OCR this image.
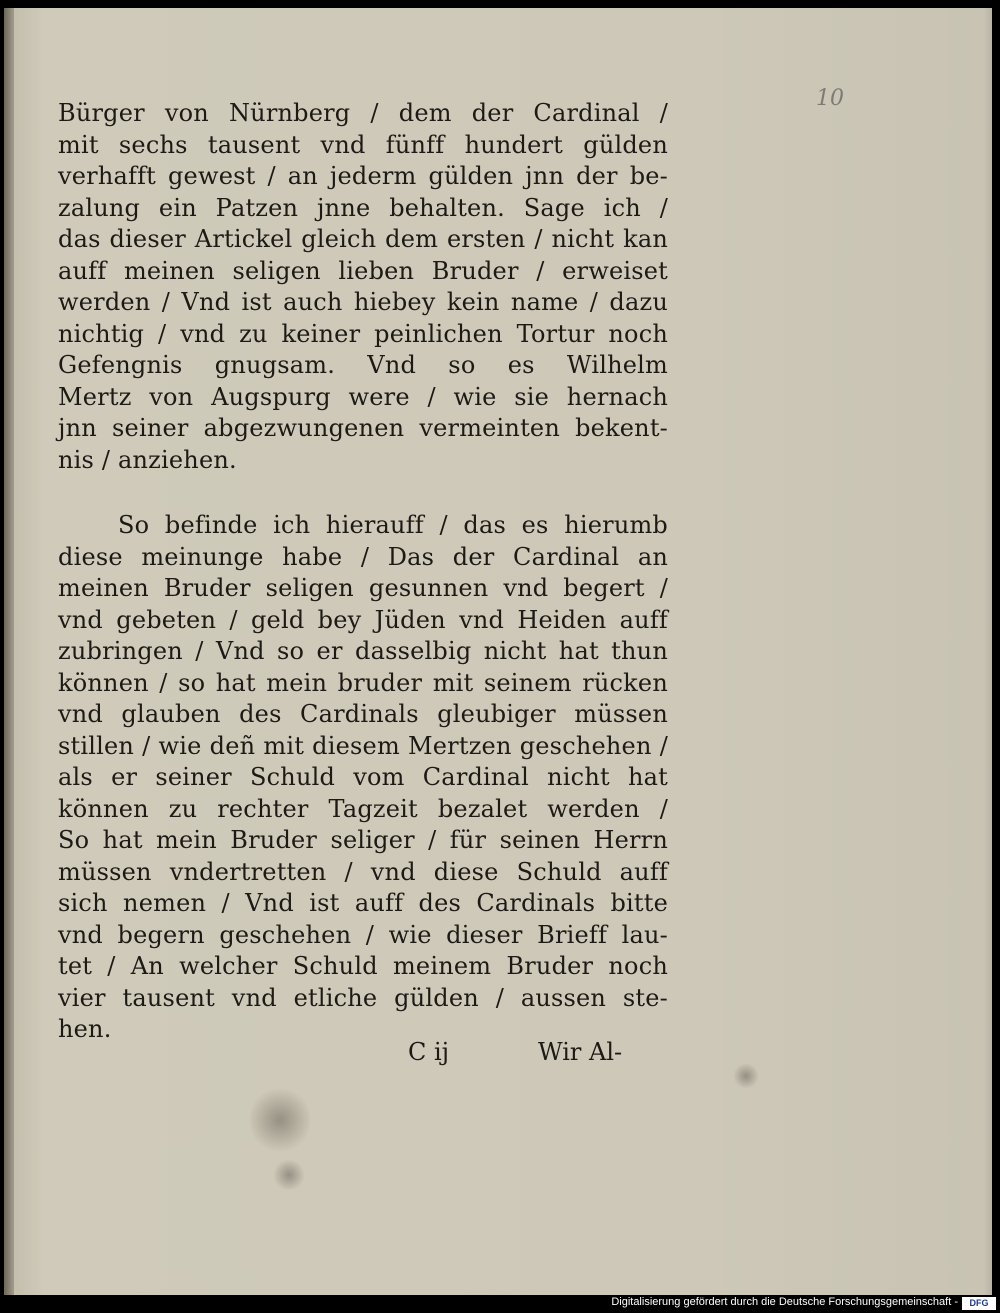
10
Bürger von Nürnberg / dem der Cardinal /
mit sechs tausent vnd fünff hundert gülden
verhafft gewest / an jederm gülden jnn der be-
zalung ein Patzen jnne behalten. Sage ich /
das dieser Artickel gleich dem ersten / nicht kan
auff meinen seligen lieben Bruder / erweiset
werden / Vnd ist auch hiebey kein name / dazu
nichtig / vnd zu keiner peinlichen Tortur noch
Gefengnis gnugsam. Vnd so es Wilhelm
Mertz von Augspurg were / wie sie hernach
jnn seiner abgezwungenen vermeinten bekent-
nis / anziehen.
So befinde ich hierauff / das es hierumb
diese meinunge habe / Das der Cardinal an
meinen Bruder seligen gesunnen vnd begert /
vnd gebeten / geld bey Jüden vnd Heiden auff
zubringen / Vnd so er dasselbig nicht hat thun
können / so hat mein bruder mit seinem rücken
vnd glauben des Cardinals gleubiger müssen
stillen / wie deñ mit diesem Mertzen geschehen /
als er seiner Schuld vom Cardinal nicht hat
können zu rechter Tagzeit bezalet werden /
So hat mein Bruder seliger / für seinen Herrn
müssen vndertretten / vnd diese Schuld auff
sich nemen / Vnd ist auff des Cardinals bitte
vnd begern geschehen / wie dieser Brieff lau-
tet / An welcher Schuld meinem Bruder noch
vier tausent vnd etliche gülden / aussen ste-
hen.
C ij	Wir Al-
Digitalisierung gefördert durch die Deutsche Forschungsgemeinschaft -	DFG
